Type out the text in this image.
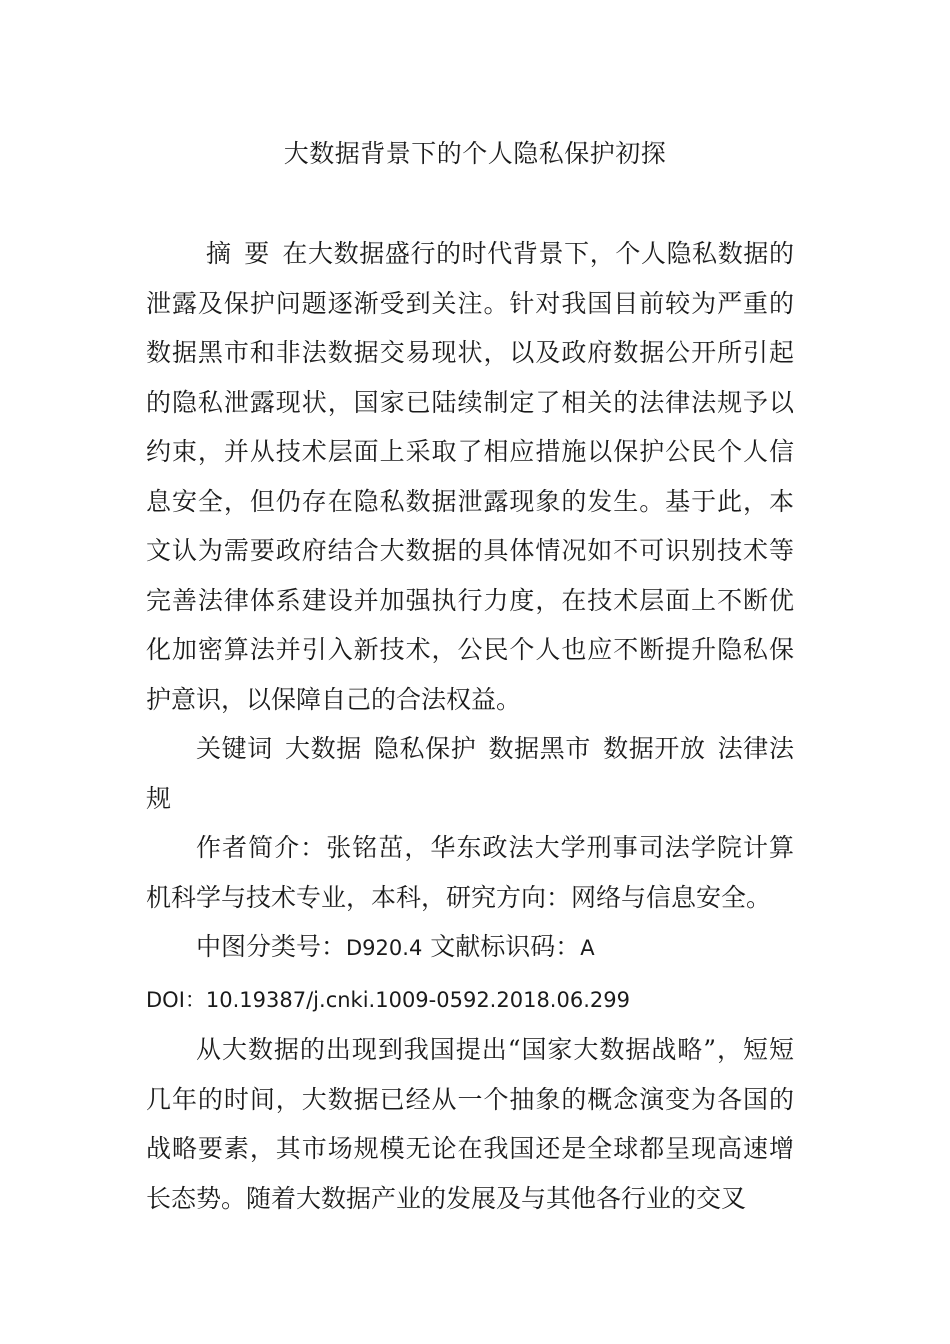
大数据背景下的个人隐私保护初探

摘 要 在大数据盛行的时代背景下，个人隐私数据的泄露及保护问题逐渐受到关注。针对我国目前较为严重的数据黑市和非法数据交易现状，以及政府数据公开所引起的隐私泄露现状，国家已陆续制定了相关的法律法规予以约束，并从技术层面上采取了相应措施以保护公民个人信息安全，但仍存在隐私数据泄露现象的发生。基于此，本文认为需要政府结合大数据的具体情况如不可识别技术等完善法律体系建设并加强执行力度，在技术层面上不断优化加密算法并引入新技术，公民个人也应不断提升隐私保护意识，以保障自己的合法权益。

关键词 大数据 隐私保护 数据黑市 数据开放 法律法规

作者简介：张铭茁，华东政法大学刑事司法学院计算机科学与技术专业，本科，研究方向：网络与信息安全。

中图分类号：D920.4 文献标识码：A

DOI：10.19387/j.cnki.1009-0592.2018.06.299

从大数据的出现到我国提出“国家大数据战略”，短短几年的时间，大数据已经从一个抽象的概念演变为各国的战略要素，其市场规模无论在我国还是全球都呈现高速增长态势。随着大数据产业的发展及与其他各行业的交叉
